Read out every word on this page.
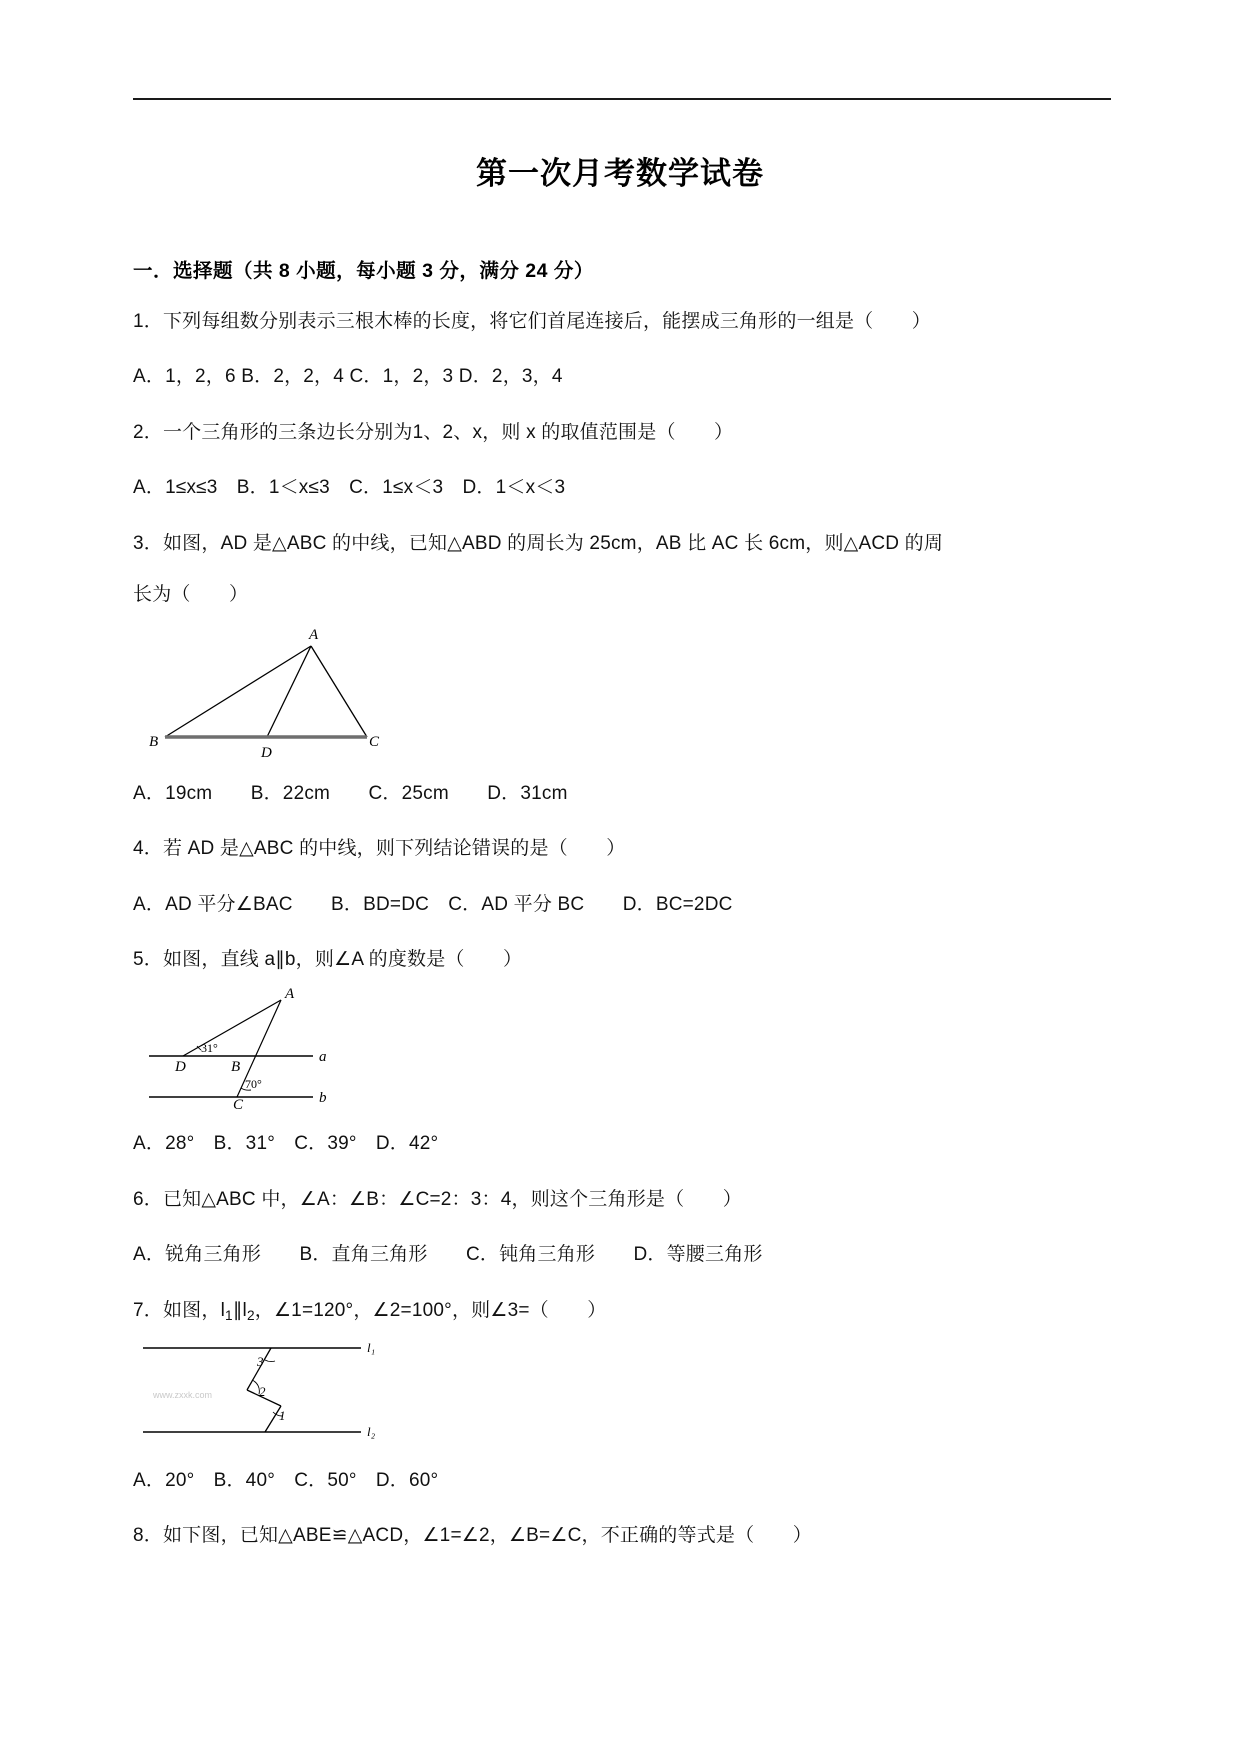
第一次月考数学试卷
一．选择题（共 8 小题，每小题 3 分，满分 24 分）

1．下列每组数分别表示三根木棒的长度，将它们首尾连接后，能摆成三角形的一组是（　　）

A．1，2，6 B．2，2，4 C．1，2，3 D．2，3，4

2．一个三角形的三条边长分别为1、2、x，则 x 的取值范围是（　　）

A．1≤x≤3　B．1＜x≤3　C．1≤x＜3　D．1＜x＜3

3．如图，AD 是△ABC 的中线，已知△ABD 的周长为 25cm，AB 比 AC 长 6cm，则△ACD 的周

长为（　　）

A
B
D
C

A．19cm　　B．22cm　　C．25cm　　D．31cm

4．若 AD 是△ABC 的中线，则下列结论错误的是（　　）

A．AD 平分∠BAC　　B．BD=DC　C．AD 平分 BC　　D．BC=2DC

5．如图，直线 a∥b，则∠A 的度数是（　　）

A
D	B
C
a
b
31°
70°

A．28°　B．31°　C．39°　D．42°

6．已知△ABC 中，∠A：∠B：∠C=2：3：4，则这个三角形是（　　）

A．锐角三角形　　B．直角三角形　　C．钝角三角形　　D．等腰三角形

7．如图，$l_1\parallel l_2$，∠1=120°，∠2=100°，则∠3=（　　）

3
2
1
l₁
l₂
www.zxxk.com

A．20°　B．40°　C．50°　D．60°

8．如下图，已知△ABE≌△ACD，∠1=∠2，∠B=∠C，不正确的等式是（　　）
